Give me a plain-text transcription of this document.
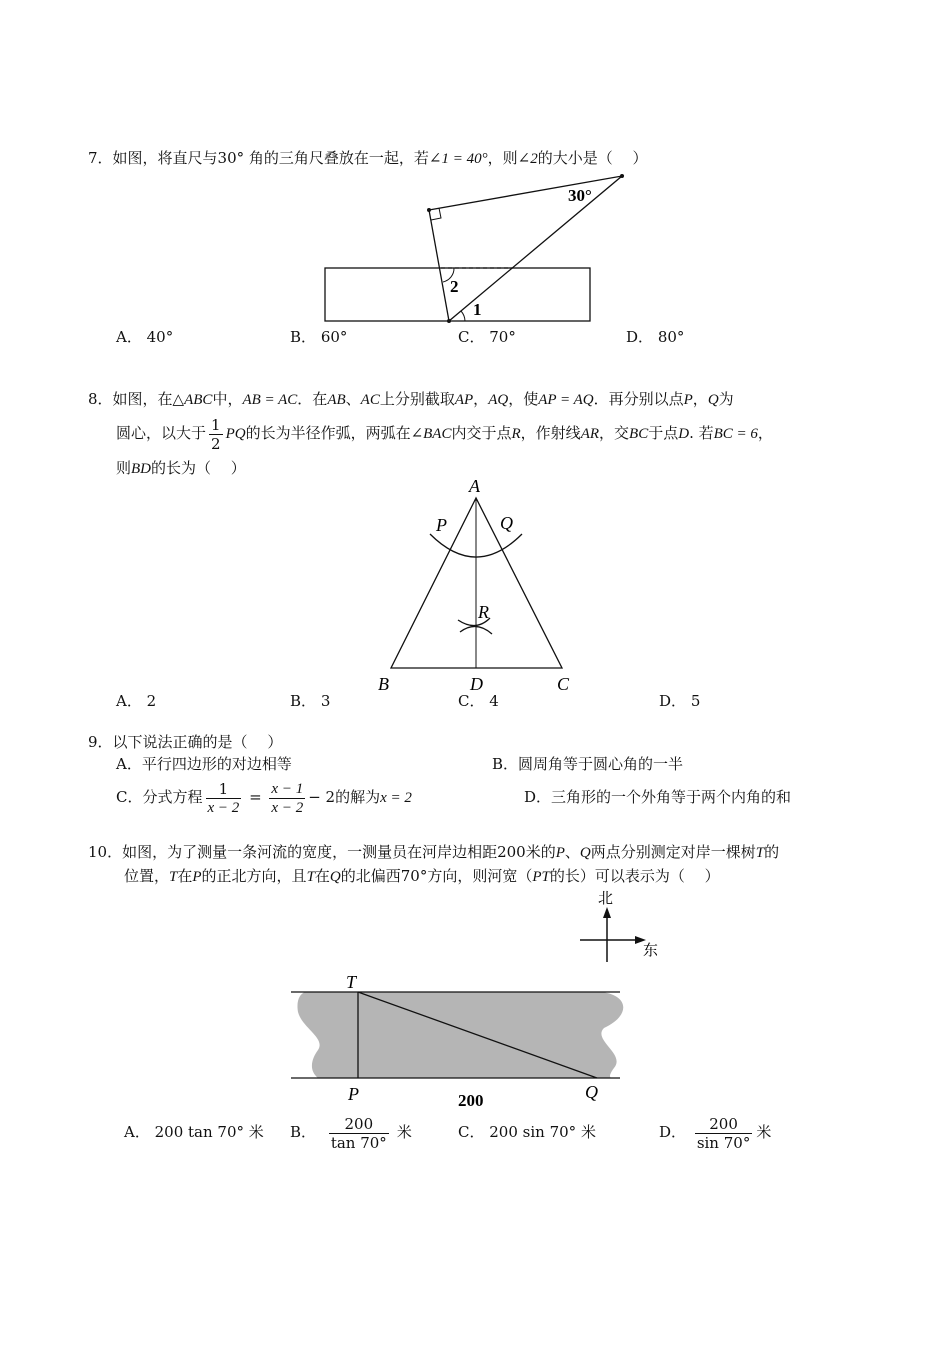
7．如图，将直尺与30° 角的三角尺叠放在一起，若∠1 = 40°，则∠2的大小是（　 ）
30°
2
1
A． 40°	B． 60°	C． 70°	D． 80°
8．如图，在△ABC中，AB = AC．在AB、AC上分别截取AP，AQ，使AP = AQ．再分别以点P，Q为
圆心，以大于 $\frac{1}{2}$ PQ的长为半径作弧，两弧在∠BAC内交于点R，作射线AR，交BC于点D. 若BC = 6，
则BD的长为（　 ）
A
P	Q
R
B	D	C
A． 2	B． 3	C． 4	D． 5
9．以下说法正确的是（　 ）
A．平行四边形的对边相等	B．圆周角等于圆心角的一半
C．分式方程 $\frac{1}{x - 2} = \frac{x - 1}{x - 2} - 2$的解为x = 2	D．三角形的一个外角等于两个内角的和
10．如图，为了测量一条河流的宽度，一测量员在河岸边相距200米的P、Q两点分别测定对岸一棵树T的
位置，T在P的正北方向，且T在Q的北偏西70°方向，则河宽（PT的长）可以表示为（　 ）
北
东
T
P	Q
200
A． 200 tan 70° 米 B． $\frac{200}{\tan 70^\circ}$ 米	C． 200 sin 70° 米	D． $\frac{200}{\sin 70^\circ}$ 米
